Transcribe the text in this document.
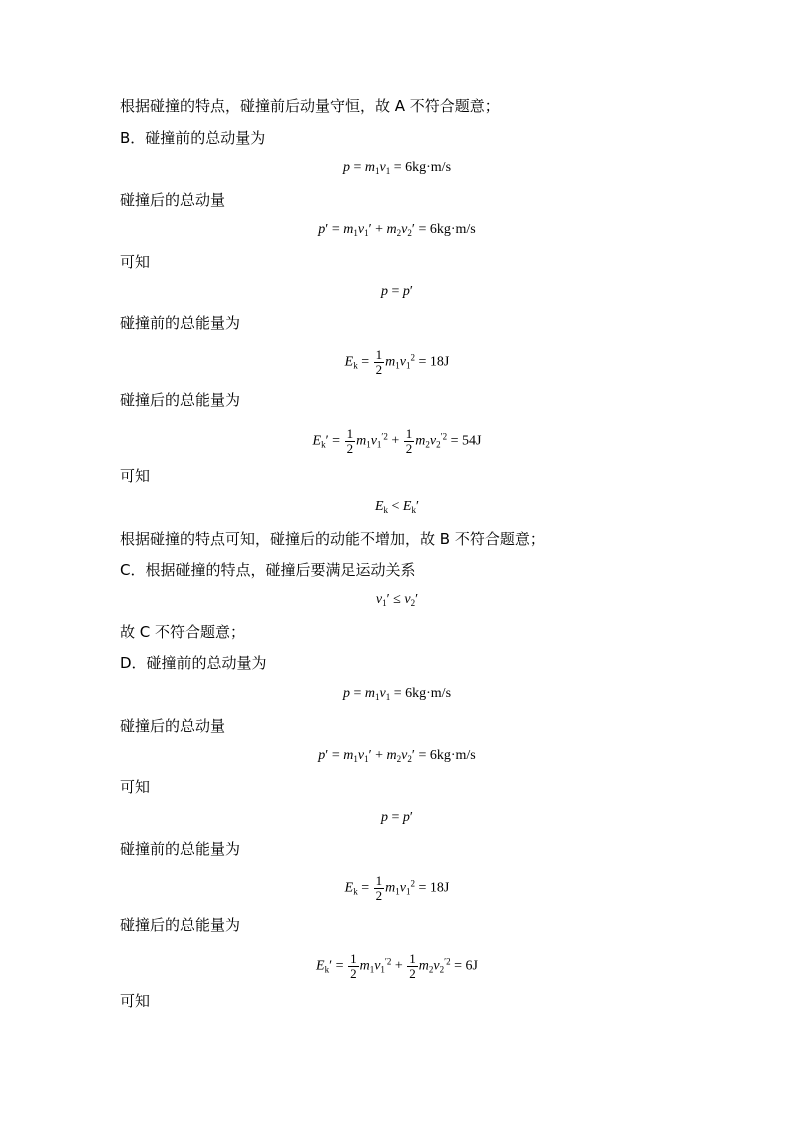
根据碰撞的特点，碰撞前后动量守恒，故 A 不符合题意；
B．碰撞前的总动量为
$p = m_1v_1 = 6kg\cdot m/s$
碰撞后的总动量
$p' = m_1v_1' + m_2v_2' = 6kg\cdot m/s$
可知
p = p′
碰撞前的总能量为
$E_k = \frac{1}{2} m_1v_1^2 = 18J$
碰撞后的总能量为
$E_k' = \frac{1}{2} m_1v_1^{'2} + \frac{1}{2} m_2v_2^{'2} = 54J$
可知
$E_k < E_k'$
根据碰撞的特点可知，碰撞后的动能不增加，故 B 不符合题意；
C．根据碰撞的特点，碰撞后要满足运动关系
$v_1' \le v_2'$
故 C 不符合题意；
D．碰撞前的总动量为
$p = m_1v_1 = 6kg\cdot m/s$
碰撞后的总动量
$p' = m_1v_1' + m_2v_2' = 6kg\cdot m/s$
可知
p = p′
碰撞前的总能量为
$E_k = \frac{1}{2} m_1v_1^2 = 18J$
碰撞后的总能量为
$E_k' = \frac{1}{2} m_1v_1^{'2} + \frac{1}{2} m_2v_2^{'2} = 6J$
可知
